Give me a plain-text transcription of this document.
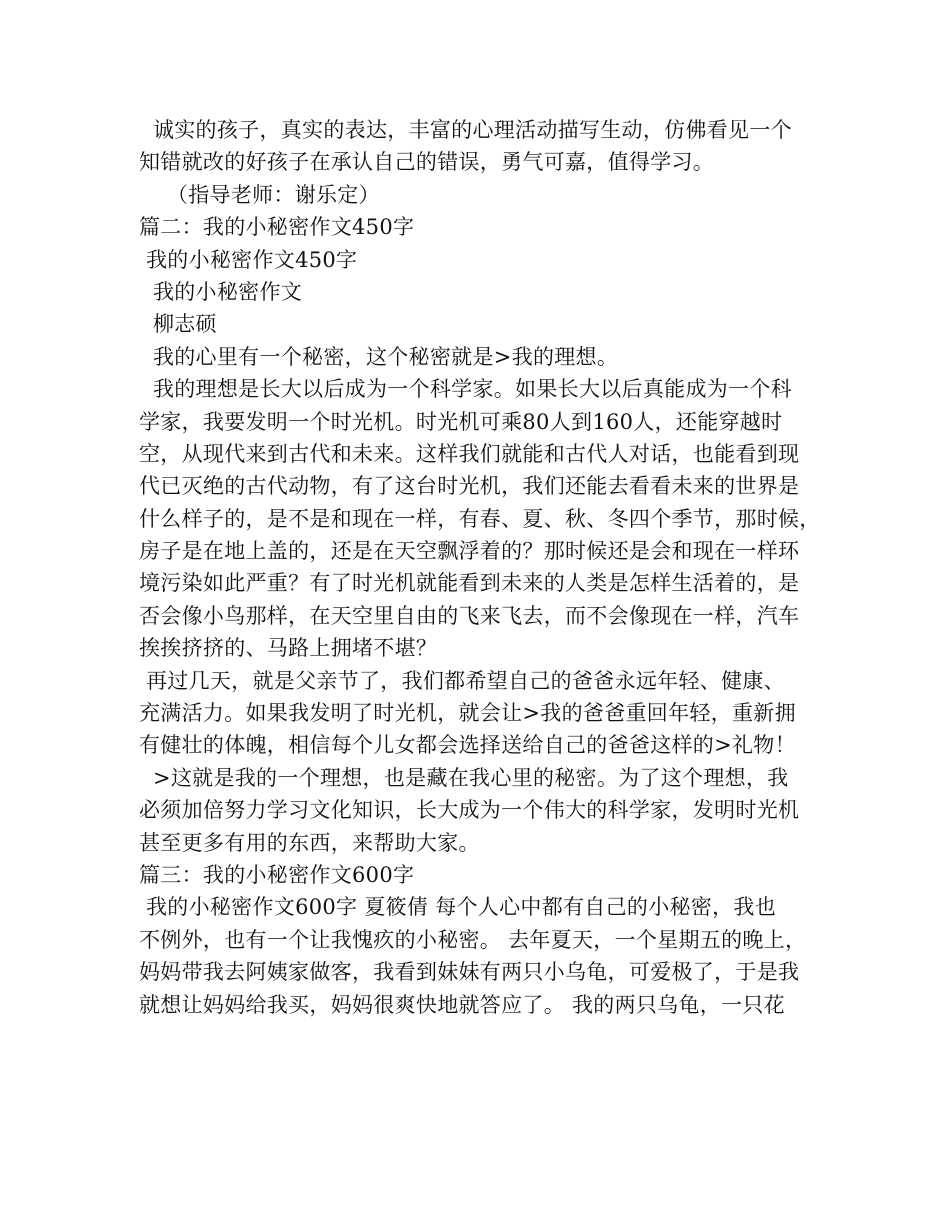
诚实的孩子，真实的表达，丰富的心理活动描写生动，仿佛看见一个
知错就改的好孩子在承认自己的错误，勇气可嘉，值得学习。
（指导老师：谢乐定）
篇二：我的小秘密作文450字
我的小秘密作文450字
我的小秘密作文
柳志硕
我的心里有一个秘密，这个秘密就是>我的理想。
我的理想是长大以后成为一个科学家。如果长大以后真能成为一个科
学家，我要发明一个时光机。时光机可乘80人到160人，还能穿越时
空，从现代来到古代和未来。这样我们就能和古代人对话，也能看到现
代已灭绝的古代动物，有了这台时光机，我们还能去看看未来的世界是
什么样子的，是不是和现在一样，有春、夏、秋、冬四个季节，那时候，
房子是在地上盖的，还是在天空飘浮着的？那时候还是会和现在一样环
境污染如此严重？有了时光机就能看到未来的人类是怎样生活着的，是
否会像小鸟那样，在天空里自由的飞来飞去，而不会像现在一样，汽车
挨挨挤挤的、马路上拥堵不堪？
再过几天，就是父亲节了，我们都希望自己的爸爸永远年轻、健康、
充满活力。如果我发明了时光机，就会让>我的爸爸重回年轻，重新拥
有健壮的体魄，相信每个儿女都会选择送给自己的爸爸这样的>礼物！
>这就是我的一个理想，也是藏在我心里的秘密。为了这个理想，我
必须加倍努力学习文化知识，长大成为一个伟大的科学家，发明时光机
甚至更多有用的东西，来帮助大家。
篇三：我的小秘密作文600字
我的小秘密作文600字 夏筱倩 每个人心中都有自己的小秘密，我也
不例外，也有一个让我愧疚的小秘密。 去年夏天，一个星期五的晚上，
妈妈带我去阿姨家做客，我看到妹妹有两只小乌龟，可爱极了，于是我
就想让妈妈给我买，妈妈很爽快地就答应了。 我的两只乌龟，一只花
